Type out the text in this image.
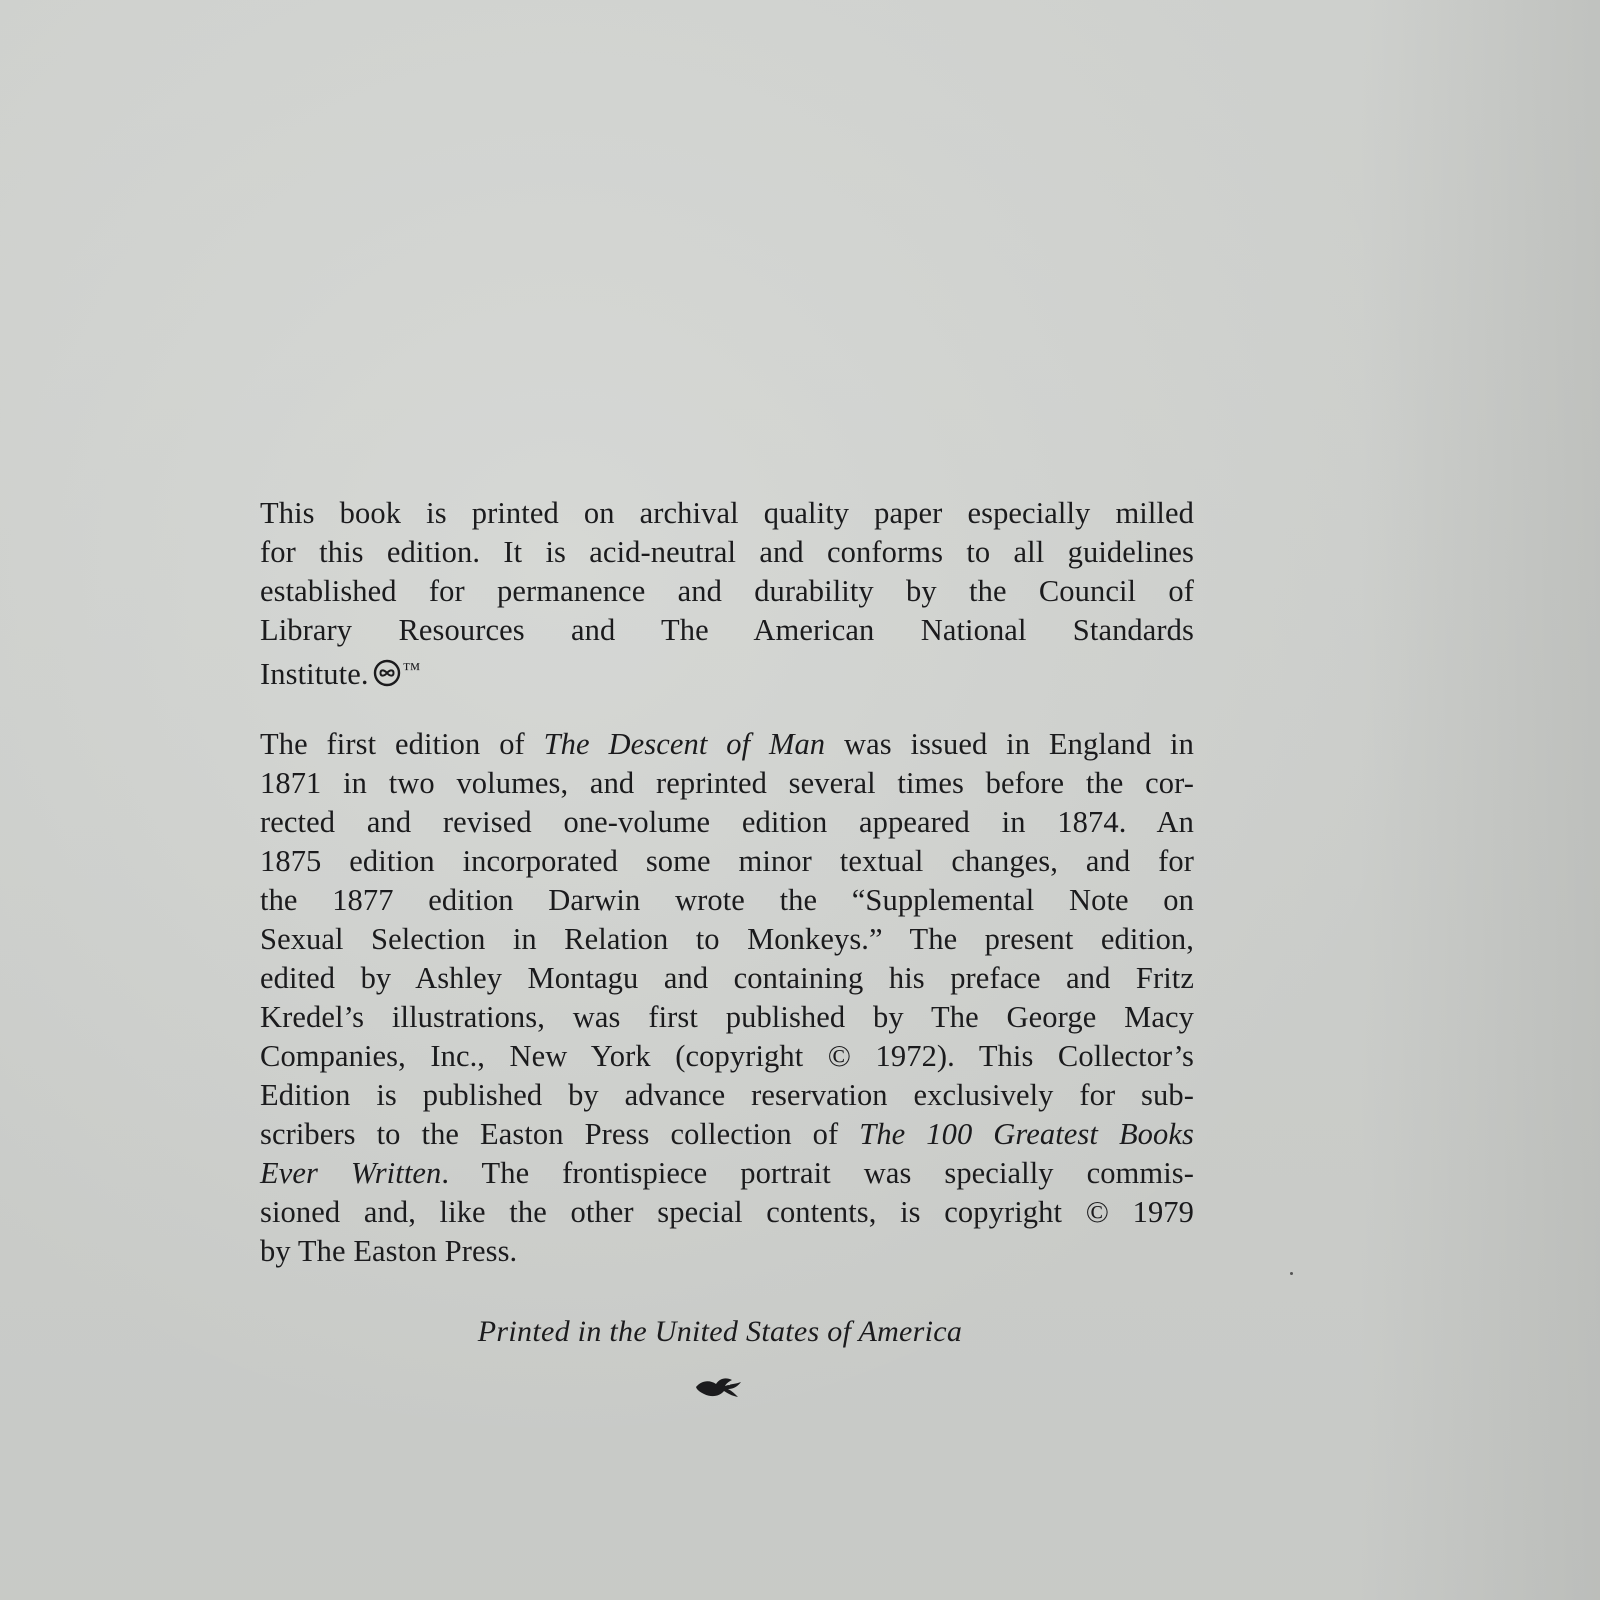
This book is printed on archival quality paper especially milled
for this edition. It is acid-neutral and conforms to all guidelines
established for permanence and durability by the Council of
Library Resources and The American National Standards
Institute. ™

The first edition of The Descent of Man was issued in England in
1871 in two volumes, and reprinted several times before the cor-
rected and revised one-volume edition appeared in 1874. An
1875 edition incorporated some minor textual changes, and for
the 1877 edition Darwin wrote the “Supplemental Note on
Sexual Selection in Relation to Monkeys.” The present edition,
edited by Ashley Montagu and containing his preface and Fritz
Kredel’s illustrations, was first published by The George Macy
Companies, Inc., New York (copyright © 1972). This Collector’s
Edition is published by advance reservation exclusively for sub-
scribers to the Easton Press collection of The 100 Greatest Books
Ever Written. The frontispiece portrait was specially commis-
sioned and, like the other special contents, is copyright © 1979
by The Easton Press.

Printed in the United States of America
